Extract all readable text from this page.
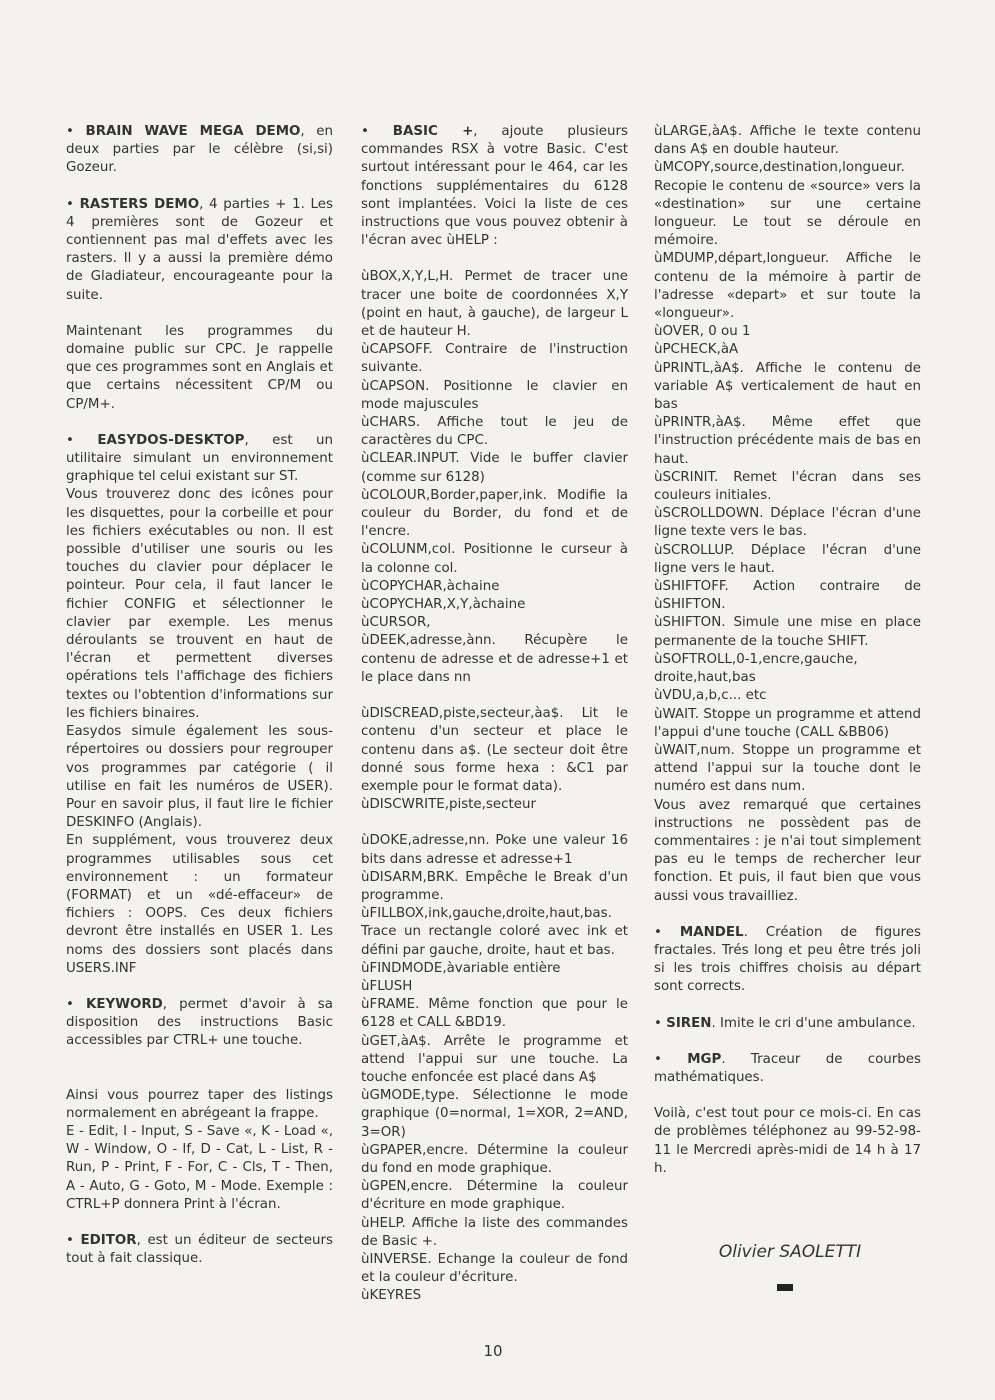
• BRAIN WAVE MEGA DEMO, en deux parties par le célèbre (si,si) Gozeur.

• RASTERS DEMO, 4 parties + 1. Les 4 premières sont de Gozeur et contiennent pas mal d'effets avec les rasters. Il y a aussi la première démo de Gladiateur, encourageante pour la suite.

Maintenant les programmes du domaine public sur CPC. Je rappelle que ces programmes sont en Anglais et que certains nécessitent CP/M ou CP/M+.

• EASYDOS-DESKTOP, est un utilitaire simulant un environnement graphique tel celui existant sur ST.

Vous trouverez donc des icônes pour les disquettes, pour la corbeille et pour les fichiers exécutables ou non. Il est possible d'utiliser une souris ou les touches du clavier pour déplacer le pointeur. Pour cela, il faut lancer le fichier CONFIG et sélectionner le clavier par exemple. Les menus déroulants se trouvent en haut de l'écran et permettent diverses opérations tels l'affichage des fichiers textes ou l'obtention d'informations sur les fichiers binaires.

Easydos simule également les sous-répertoires ou dossiers pour regrouper vos programmes par catégorie ( il utilise en fait les numéros de USER). Pour en savoir plus, il faut lire le fichier DESKINFO (Anglais).

En supplément, vous trouverez deux programmes utilisables sous cet environnement : un formateur (FORMAT) et un «dé-effaceur» de fichiers : OOPS. Ces deux fichiers devront être installés en USER 1. Les noms des dossiers sont placés dans USERS.INF

• KEYWORD, permet d'avoir à sa disposition des instructions Basic accessibles par CTRL+ une touche.

Ainsi vous pourrez taper des listings normalement en abrégeant la frappe.

E - Edit, I - Input, S - Save «, K - Load «, W - Window, O - If, D - Cat, L - List, R - Run, P - Print, F - For, C - Cls, T - Then, A - Auto, G - Goto, M - Mode. Exemple : CTRL+P donnera Print à l'écran.

• EDITOR, est un éditeur de secteurs tout à fait classique.

• BASIC +, ajoute plusieurs commandes RSX à votre Basic. C'est surtout intéressant pour le 464, car les fonctions supplémentaires du 6128 sont implantées. Voici la liste de ces instructions que vous pouvez obtenir à l'écran avec ùHELP :

ùBOX,X,Y,L,H. Permet de tracer une tracer une boite de coordonnées X,Y (point en haut, à gauche), de largeur L et de hauteur H.

ùCAPSOFF. Contraire de l'instruction suivante.

ùCAPSON. Positionne le clavier en mode majuscules

ùCHARS. Affiche tout le jeu de caractères du CPC.

ùCLEAR.INPUT. Vide le buffer clavier (comme sur 6128)

ùCOLOUR,Border,paper,ink. Modifie la couleur du Border, du fond et de l'encre.

ùCOLUNM,col. Positionne le curseur à la colonne col.

ùCOPYCHAR,àchaine

ùCOPYCHAR,X,Y,àchaine

ùCURSOR,

ùDEEK,adresse,ànn. Récupère le contenu de adresse et de adresse+1 et le place dans nn

ùDISCREAD,piste,secteur,àa$. Lit le contenu d'un secteur et place le contenu dans a$. (Le secteur doit être donné sous forme hexa : &C1 par exemple pour le format data).

ùDISCWRITE,piste,secteur

ùDOKE,adresse,nn. Poke une valeur 16 bits dans adresse et adresse+1

ùDISARM,BRK. Empêche le Break d'un programme.

ùFILLBOX,ink,gauche,droite,haut,bas. Trace un rectangle coloré avec ink et défini par gauche, droite, haut et bas.

ùFINDMODE,àvariable entière

ùFLUSH

ùFRAME. Même fonction que pour le 6128 et CALL &BD19.

ùGET,àA$. Arrête le programme et attend l'appui sur une touche. La touche enfoncée est placé dans A$

ùGMODE,type. Sélectionne le mode graphique (0=normal, 1=XOR, 2=AND, 3=OR)

ùGPAPER,encre. Détermine la couleur du fond en mode graphique.

ùGPEN,encre. Détermine la couleur d'écriture en mode graphique.

ùHELP. Affiche la liste des commandes de Basic +.

ùINVERSE. Echange la couleur de fond et la couleur d'écriture.

ùKEYRES

ùLARGE,àA$. Affiche le texte contenu dans A$ en double hauteur.

ùMCOPY,source,destination,longueur. Recopie le contenu de «source» vers la «destination» sur une certaine longueur. Le tout se déroule en mémoire.

ùMDUMP,départ,longueur. Affiche le contenu de la mémoire à partir de l'adresse «depart» et sur toute la «longueur».

ùOVER, 0 ou 1

ùPCHECK,àA

ùPRINTL,àA$. Affiche le contenu de variable A$ verticalement de haut en bas

ùPRINTR,àA$. Même effet que l'instruction précédente mais de bas en haut.

ùSCRINIT. Remet l'écran dans ses couleurs initiales.

ùSCROLLDOWN. Déplace l'écran d'une ligne texte vers le bas.

ùSCROLLUP. Déplace l'écran d'une ligne vers le haut.

ùSHIFTOFF. Action contraire de ùSHIFTON.

ùSHIFTON. Simule une mise en place permanente de la touche SHIFT.

ùSOFTROLL,0-1,encre,gauche, droite,haut,bas

ùVDU,a,b,c... etc

ùWAIT. Stoppe un programme et attend l'appui d'une touche (CALL &BB06)

ùWAIT,num. Stoppe un programme et attend l'appui sur la touche dont le numéro est dans num.

Vous avez remarqué que certaines instructions ne possèdent pas de commentaires : je n'ai tout simplement pas eu le temps de rechercher leur fonction. Et puis, il faut bien que vous aussi vous travailliez.

• MANDEL. Création de figures fractales. Trés long et peu être trés joli si les trois chiffres choisis au départ sont corrects.

• SIREN. Imite le cri d'une ambulance.

• MGP. Traceur de courbes mathématiques.

Voilà, c'est tout pour ce mois-ci. En cas de problèmes téléphonez au 99-52-98-11 le Mercredi après-midi de 14 h à 17 h.

Olivier SAOLETTI
10
